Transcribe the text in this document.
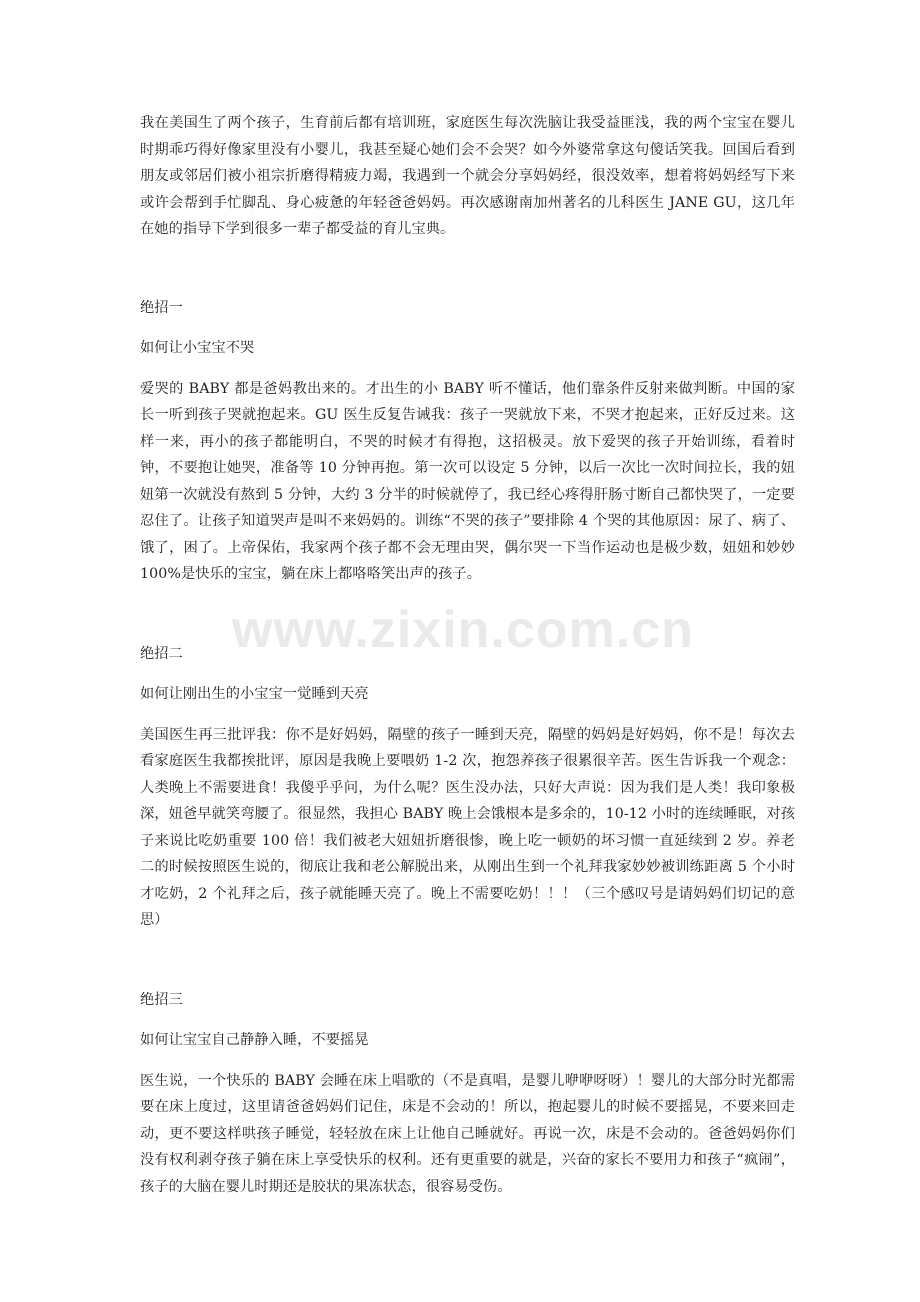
我在美国生了两个孩子，生育前后都有培训班，家庭医生每次洗脑让我受益匪浅，我的两个宝宝在婴儿时期乖巧得好像家里没有小婴儿，我甚至疑心她们会不会哭？如今外婆常拿这句傻话笑我。回国后看到朋友或邻居们被小祖宗折磨得精疲力竭，我遇到一个就会分享妈妈经，很没效率，想着将妈妈经写下来或许会帮到手忙脚乱、身心疲惫的年轻爸爸妈妈。再次感谢南加州著名的儿科医生 JANE GU，这几年在她的指导下学到很多一辈子都受益的育儿宝典。

绝招一

如何让小宝宝不哭

爱哭的 BABY 都是爸妈教出来的。才出生的小 BABY 听不懂话，他们靠条件反射来做判断。中国的家长一听到孩子哭就抱起来。GU 医生反复告诫我：孩子一哭就放下来，不哭才抱起来，正好反过来。这样一来，再小的孩子都能明白，不哭的时候才有得抱，这招极灵。放下爱哭的孩子开始训练，看着时钟，不要抱让她哭，准备等 10 分钟再抱。第一次可以设定 5 分钟，以后一次比一次时间拉长，我的妞妞第一次就没有熬到 5 分钟，大约 3 分半的时候就停了，我已经心疼得肝肠寸断自己都快哭了，一定要忍住了。让孩子知道哭声是叫不来妈妈的。训练“不哭的孩子”要排除 4 个哭的其他原因：尿了、病了、饿了，困了。上帝保佑，我家两个孩子都不会无理由哭，偶尔哭一下当作运动也是极少数，妞妞和妙妙 100%是快乐的宝宝，躺在床上都咯咯笑出声的孩子。

绝招二

如何让刚出生的小宝宝一觉睡到天亮

美国医生再三批评我：你不是好妈妈，隔壁的孩子一睡到天亮，隔壁的妈妈是好妈妈，你不是！每次去看家庭医生我都挨批评，原因是我晚上要喂奶 1-2 次，抱怨养孩子很累很辛苦。医生告诉我一个观念：人类晚上不需要进食！我傻乎乎问，为什么呢？医生没办法，只好大声说：因为我们是人类！我印象极深，妞爸早就笑弯腰了。很显然，我担心 BABY 晚上会饿根本是多余的，10-12 小时的连续睡眠，对孩子来说比吃奶重要 100 倍！我们被老大妞妞折磨很惨，晚上吃一顿奶的坏习惯一直延续到 2 岁。养老二的时候按照医生说的，彻底让我和老公解脱出来，从刚出生到一个礼拜我家妙妙被训练距离 5 个小时才吃奶，2 个礼拜之后，孩子就能睡天亮了。晚上不需要吃奶！！！（三个感叹号是请妈妈们切记的意思）

绝招三

如何让宝宝自己静静入睡，不要摇晃

医生说，一个快乐的 BABY 会睡在床上唱歌的（不是真唱，是婴儿咿咿呀呀）！婴儿的大部分时光都需要在床上度过，这里请爸爸妈妈们记住，床是不会动的！所以，抱起婴儿的时候不要摇晃，不要来回走动，更不要这样哄孩子睡觉，轻轻放在床上让他自己睡就好。再说一次，床是不会动的。爸爸妈妈你们没有权利剥夺孩子躺在床上享受快乐的权利。还有更重要的就是，兴奋的家长不要用力和孩子“疯闹”，孩子的大脑在婴儿时期还是胶状的果冻状态，很容易受伤。

www.zixin.com.cn
